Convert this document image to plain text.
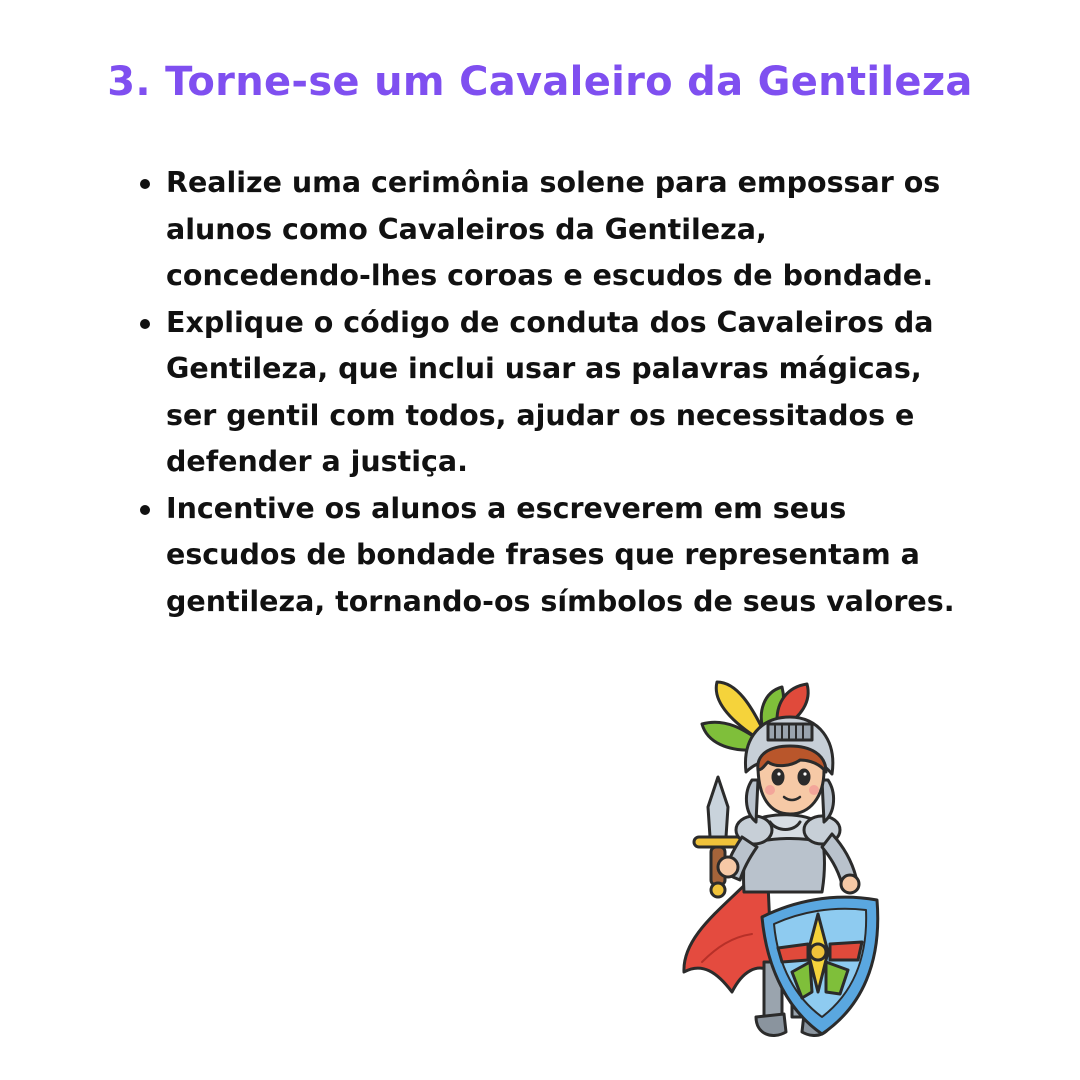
3. Torne-se um Cavaleiro da Gentileza
Realize uma cerimônia solene para empossar os alunos como Cavaleiros da Gentileza, concedendo-lhes coroas e escudos de bondade.
Explique o código de conduta dos Cavaleiros da Gentileza, que inclui usar as palavras mágicas, ser gentil com todos, ajudar os necessitados e defender a justiça.
Incentive os alunos a escreverem em seus escudos de bondade frases que representam a gentileza, tornando-os símbolos de seus valores.
